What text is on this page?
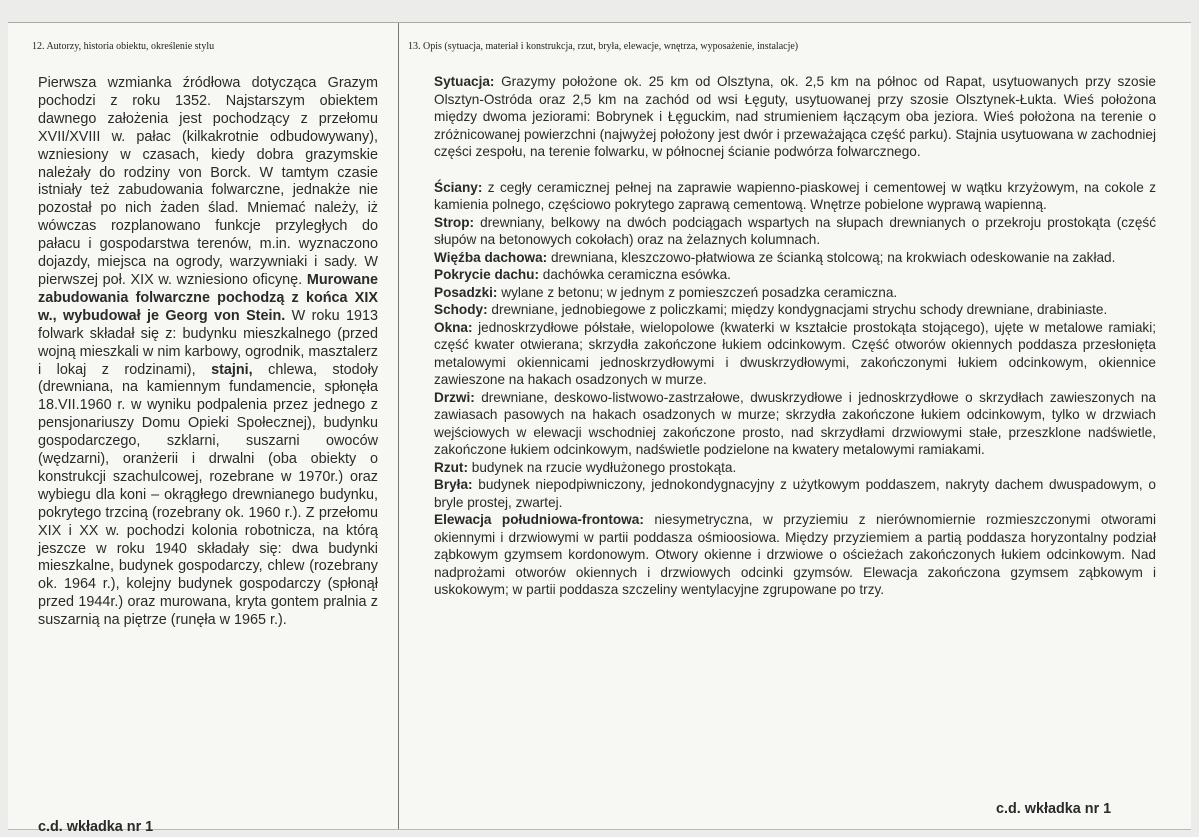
12. Autorzy, historia obiektu, określenie stylu	13. Opis (sytuacja, materiał i konstrukcja, rzut, bryła, elewacje, wnętrza, wyposażenie, instalacje)
Pierwsza wzmianka źródłowa dotycząca Grazym pochodzi z roku 1352. Najstarszym obiektem dawnego założenia jest pochodzący z przełomu XVII/XVIII w. pałac (kilkakrotnie odbudowywany), wzniesiony w czasach, kiedy dobra grazymskie należały do rodziny von Borck. W tamtym czasie istniały też zabudowania folwarczne, jednakże nie pozostał po nich żaden ślad. Mniemać należy, iż wówczas rozplanowano funkcje przyległych do pałacu i gospodarstwa terenów, m.in. wyznaczono dojazdy, miejsca na ogrody, warzywniaki i sady. W pierwszej poł. XIX w. wzniesiono oficynę. Murowane zabudowania folwarczne pochodzą z końca XIX w., wybudował je Georg von Stein. W roku 1913 folwark składał się z: budynku mieszkalnego (przed wojną mieszkali w nim karbowy, ogrodnik, masztalerz i lokaj z rodzinami), stajni, chlewa, stodoły (drewniana, na kamiennym fundamencie, spłonęła 18.VII.1960 r. w wyniku podpalenia przez jednego z pensjonariuszy Domu Opieki Społecznej), budynku gospodarczego, szklarni, suszarni owoców (wędzarni), oranżerii i drwalni (oba obiekty o konstrukcji szachulcowej, rozebrane w 1970r.) oraz wybiegu dla koni – okrągłego drewnianego budynku, pokrytego trzciną (rozebrany ok. 1960 r.). Z przełomu XIX i XX w. pochodzi kolonia robotnicza, na którą jeszcze w roku 1940 składały się: dwa budynki mieszkalne, budynek gospodarczy, chlew (rozebrany ok. 1964 r.), kolejny budynek gospodarczy (spłonął przed 1944r.) oraz murowana, kryta gontem pralnia z suszarnią na piętrze (runęła w 1965 r.).
c.d. wkładka nr 1

Sytuacja: Grazymy położone ok. 25 km od Olsztyna, ok. 2,5 km na północ od Rapat, usytuowanych przy szosie Olsztyn-Ostróda oraz 2,5 km na zachód od wsi Łęguty, usytuowanej przy szosie Olsztynek-Łukta. Wieś położona między dwoma jeziorami: Bobrynek i Łęguckim, nad strumieniem łączącym oba jeziora. Wieś położona na terenie o zróżnicowanej powierzchni (najwyżej położony jest dwór i przeważająca część parku). Stajnia usytuowana w zachodniej części zespołu, na terenie folwarku, w północnej ścianie podwórza folwarcznego.

Ściany: z cegły ceramicznej pełnej na zaprawie wapienno-piaskowej i cementowej w wątku krzyżowym, na cokole z kamienia polnego, częściowo pokrytego zaprawą cementową. Wnętrze pobielone wyprawą wapienną.

Strop: drewniany, belkowy na dwóch podciągach wspartych na słupach drewnianych o przekroju prostokąta (część słupów na betonowych cokołach) oraz na żelaznych kolumnach.

Więźba dachowa: drewniana, kleszczowo-płatwiowa ze ścianką stolcową; na krokwiach odeskowanie na zakład.

Pokrycie dachu: dachówka ceramiczna esówka.

Posadzki: wylane z betonu; w jednym z pomieszczeń posadzka ceramiczna.

Schody: drewniane, jednobiegowe z policzkami; między kondygnacjami strychu schody drewniane, drabiniaste.

Okna: jednoskrzydłowe półstałe, wielopolowe (kwaterki w kształcie prostokąta stojącego), ujęte w metalowe ramiaki; część kwater otwierana; skrzydła zakończone łukiem odcinkowym. Część otworów okiennych poddasza przesłonięta metalowymi okiennicami jednoskrzydłowymi i dwuskrzydłowymi, zakończonymi łukiem odcinkowym, okiennice zawieszone na hakach osadzonych w murze.

Drzwi: drewniane, deskowo-listwowo-zastrzałowe, dwuskrzydłowe i jednoskrzydłowe o skrzydłach zawieszonych na zawiasach pasowych na hakach osadzonych w murze; skrzydła zakończone łukiem odcinkowym, tylko w drzwiach wejściowych w elewacji wschodniej zakończone prosto, nad skrzydłami drzwiowymi stałe, przeszklone nadświetle, zakończone łukiem odcinkowym, nadświetle podzielone na kwatery metalowymi ramiakami.

Rzut: budynek na rzucie wydłużonego prostokąta.

Bryła: budynek niepodpiwniczony, jednokondygnacyjny z użytkowym poddaszem, nakryty dachem dwuspadowym, o bryle prostej, zwartej.

Elewacja południowa-frontowa: niesymetryczna, w przyziemiu z nierównomiernie rozmieszczonymi otworami okiennymi i drzwiowymi w partii poddasza ośmioosiowa. Między przyziemiem a partią poddasza horyzontalny podział ząbkowym gzymsem kordonowym. Otwory okienne i drzwiowe o ościeżach zakończonych łukiem odcinkowym. Nad nadprożami otworów okiennych i drzwiowych odcinki gzymsów. Elewacja zakończona gzymsem ząbkowym i uskokowym; w partii poddasza szczeliny wentylacyjne zgrupowane po trzy.

c.d. wkładka nr 1
